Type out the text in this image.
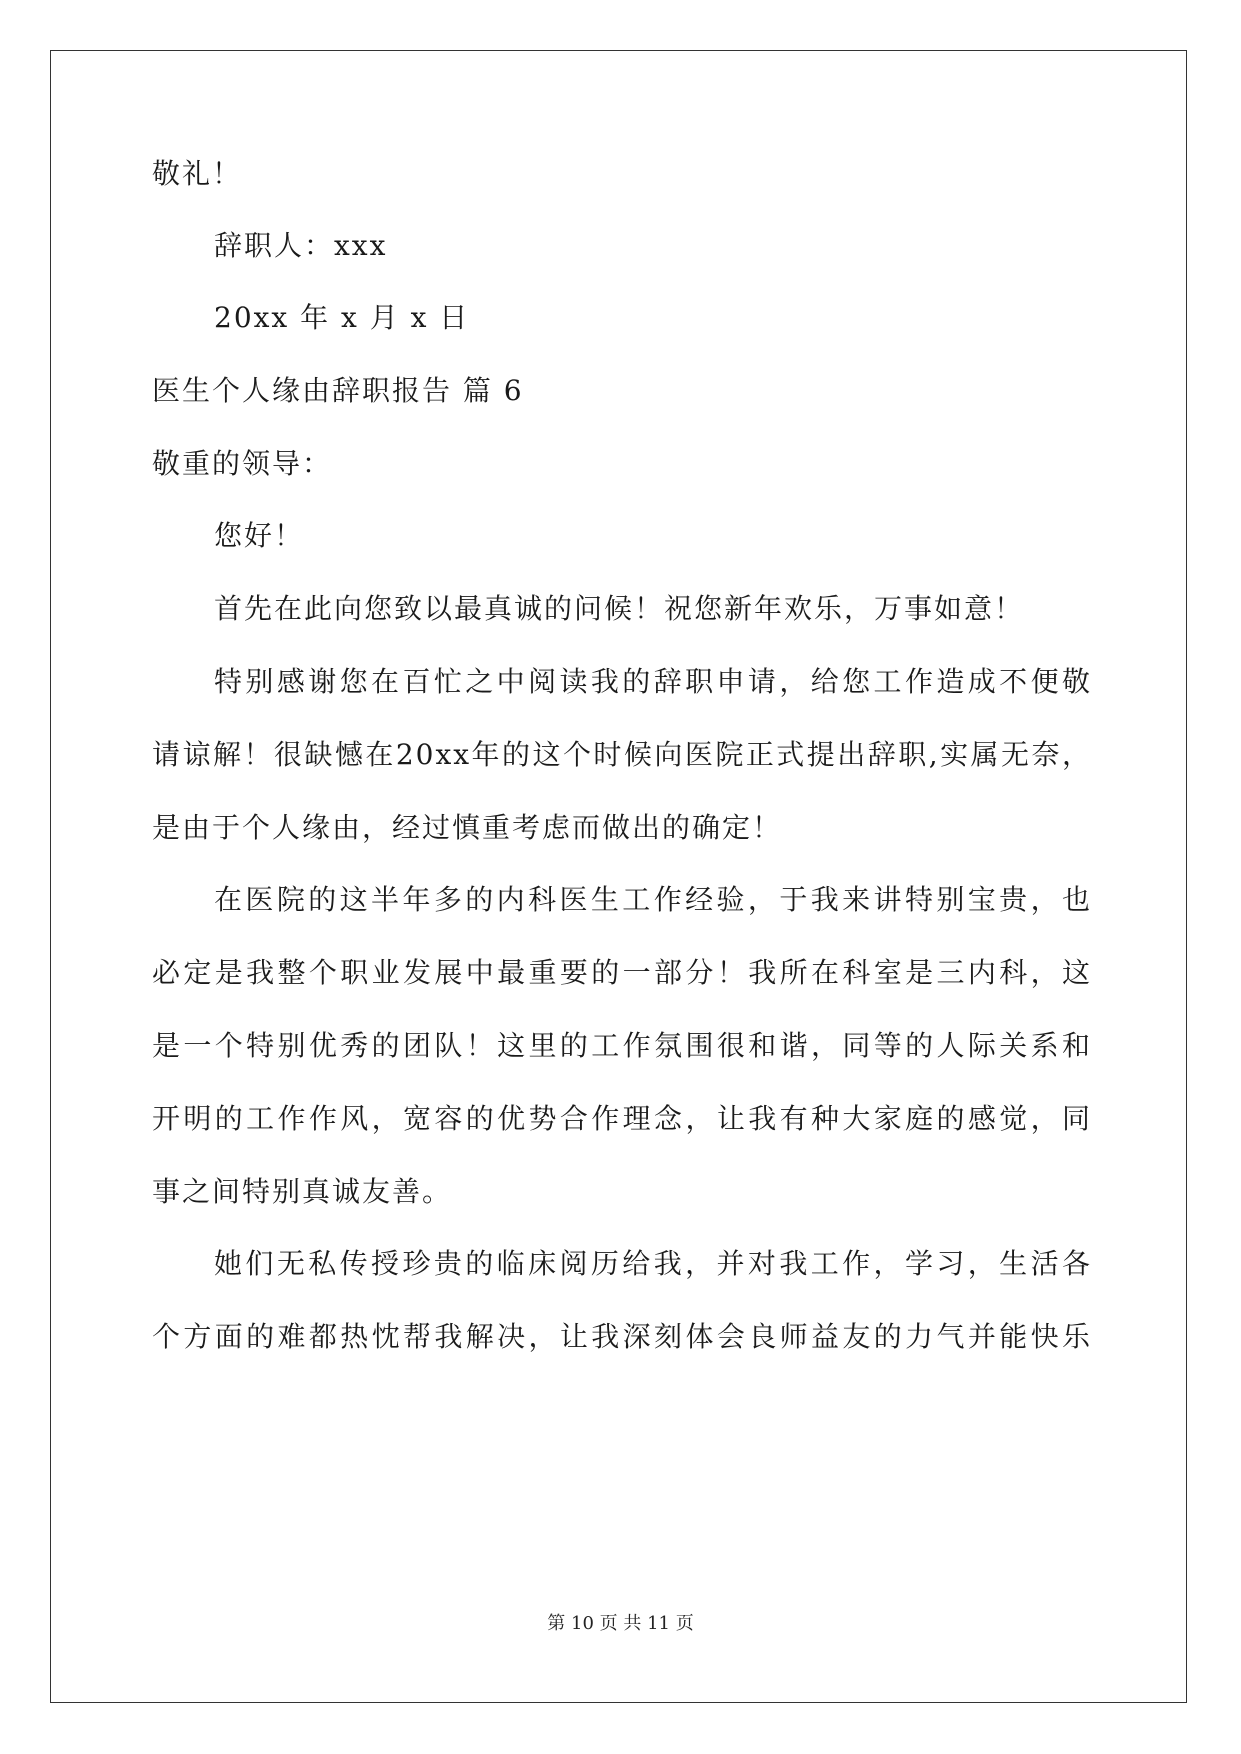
敬礼！
辞职人：xxx
20xx 年 x 月 x 日
医生个人缘由辞职报告 篇 6
敬重的领导：
您好！
首先在此向您致以最真诚的问候！祝您新年欢乐，万事如意！
特别感谢您在百忙之中阅读我的辞职申请，给您工作造成不便敬
请谅解！很缺憾在20xx年的这个时候向医院正式提出辞职,实属无奈，
是由于个人缘由，经过慎重考虑而做出的确定！
在医院的这半年多的内科医生工作经验，于我来讲特别宝贵，也
必定是我整个职业发展中最重要的一部分！我所在科室是三内科，这
是一个特别优秀的团队！这里的工作氛围很和谐，同等的人际关系和
开明的工作作风，宽容的优势合作理念，让我有种大家庭的感觉，同
事之间特别真诚友善。
她们无私传授珍贵的临床阅历给我，并对我工作，学习，生活各
个方面的难都热忱帮我解决，让我深刻体会良师益友的力气并能快乐
第 10 页 共 11 页
